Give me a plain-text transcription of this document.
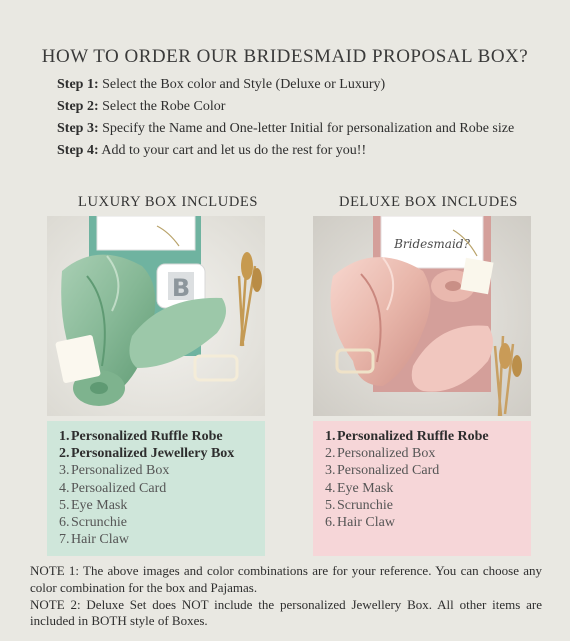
HOW TO ORDER OUR BRIDESMAID PROPOSAL BOX?

Step 1: Select the Box color and Style (Deluxe or Luxury)

Step 2: Select the Robe Color

Step 3: Specify the Name and One-letter Initial for personalization and Robe size

Step 4: Add to your cart and let us do the rest for you!!

LUXURY BOX INCLUDES
B
1. Personalized Ruffle Robe
2. Personalized Jewellery Box
3. Personalized Box
4. Persoalized Card
5. Eye Mask
6. Scrunchie
7. Hair Claw
DELUXE BOX INCLUDES
Bridesmaid?
1. Personalized Ruffle Robe
2. Personalized Box
3. Personalized Card
4. Eye Mask
5. Scrunchie
6. Hair Claw

NOTE 1: The above images and color combinations are for your reference. You can choose any color combination for the box and Pajamas.

NOTE 2: Deluxe Set does NOT include the personalized Jewellery Box. All other items are included in BOTH style of Boxes.
